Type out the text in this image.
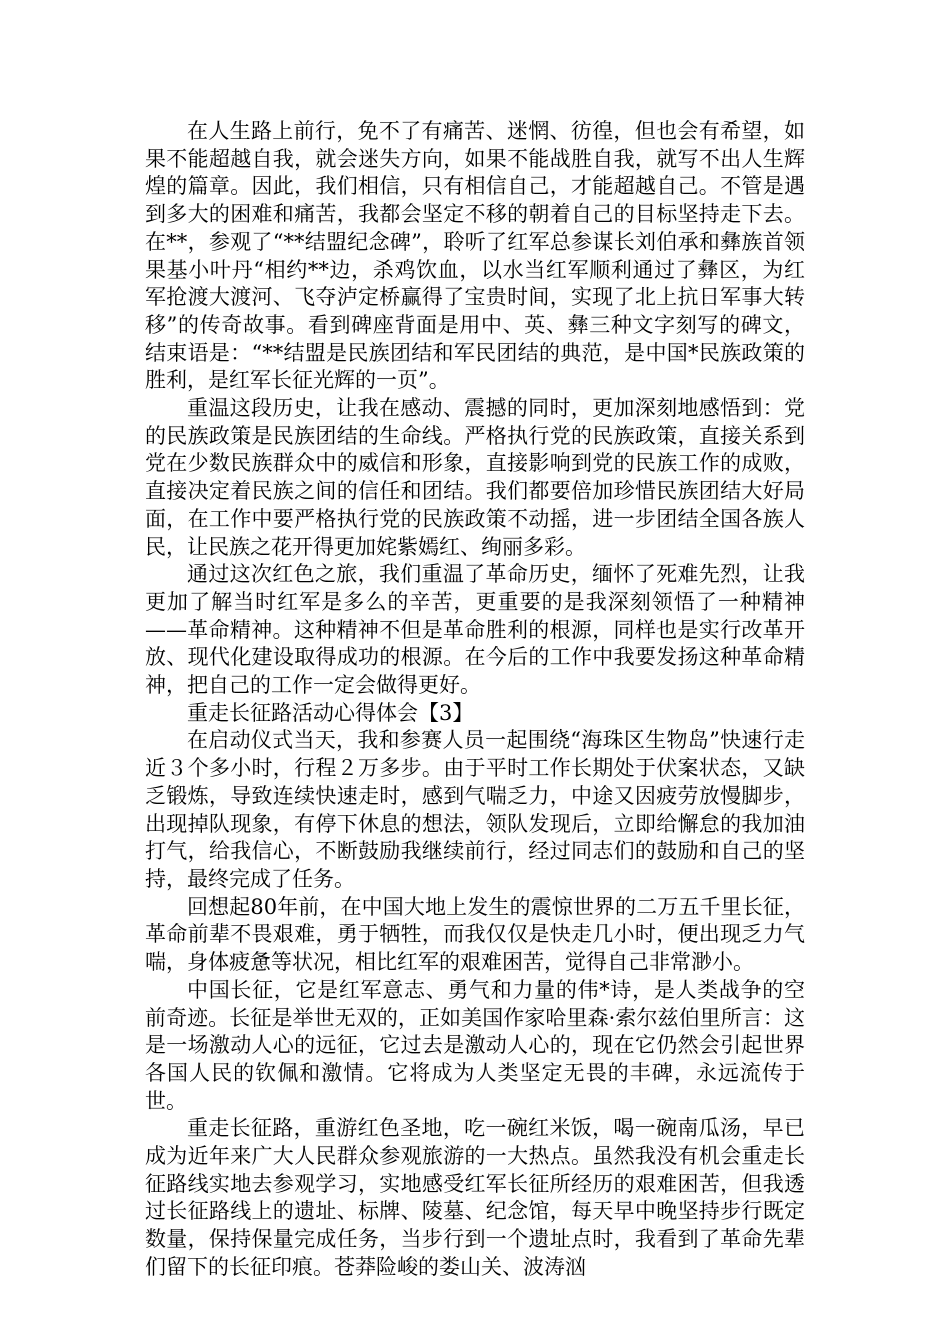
在人生路上前行，免不了有痛苦、迷惘、彷徨，但也会有希望，如果不能超越自我，就会迷失方向，如果不能战胜自我，就写不出人生辉煌的篇章。因此，我们相信，只有相信自己，才能超越自己。不管是遇到多大的困难和痛苦，我都会坚定不移的朝着自己的目标坚持走下去。在**，参观了“**结盟纪念碑”，聆听了红军总参谋长刘伯承和彝族首领果基小叶丹“相约**边，杀鸡饮血，以水当红军顺利通过了彝区，为红军抢渡大渡河、飞夺泸定桥赢得了宝贵时间，实现了北上抗日军事大转移”的传奇故事。看到碑座背面是用中、英、彝三种文字刻写的碑文，结束语是：“**结盟是民族团结和军民团结的典范，是中国*民族政策的胜利，是红军长征光辉的一页”。

重温这段历史，让我在感动、震撼的同时，更加深刻地感悟到：党的民族政策是民族团结的生命线。严格执行党的民族政策，直接关系到党在少数民族群众中的威信和形象，直接影响到党的民族工作的成败，直接决定着民族之间的信任和团结。我们都要倍加珍惜民族团结大好局面，在工作中要严格执行党的民族政策不动摇，进一步团结全国各族人民，让民族之花开得更加姹紫嫣红、绚丽多彩。

通过这次红色之旅，我们重温了革命历史，缅怀了死难先烈，让我更加了解当时红军是多么的辛苦，更重要的是我深刻领悟了一种精神——革命精神。这种精神不但是革命胜利的根源，同样也是实行改革开放、现代化建设取得成功的根源。在今后的工作中我要发扬这种革命精神，把自己的工作一定会做得更好。

重走长征路活动心得体会【3】

在启动仪式当天，我和参赛人员一起围绕“海珠区生物岛”快速行走近３个多小时，行程２万多步。由于平时工作长期处于伏案状态，又缺乏锻炼，导致连续快速走时，感到气喘乏力，中途又因疲劳放慢脚步，出现掉队现象，有停下休息的想法，领队发现后，立即给懈怠的我加油打气，给我信心，不断鼓励我继续前行，经过同志们的鼓励和自己的坚持，最终完成了任务。

回想起80年前，在中国大地上发生的震惊世界的二万五千里长征，革命前辈不畏艰难，勇于牺牲，而我仅仅是快走几小时，便出现乏力气喘，身体疲惫等状况，相比红军的艰难困苦，觉得自己非常渺小。

中国长征，它是红军意志、勇气和力量的伟*诗，是人类战争的空前奇迹。长征是举世无双的，正如美国作家哈里森·索尔兹伯里所言：这是一场激动人心的远征，它过去是激动人心的，现在它仍然会引起世界各国人民的钦佩和激情。它将成为人类坚定无畏的丰碑，永远流传于世。

重走长征路，重游红色圣地，吃一碗红米饭，喝一碗南瓜汤，早已成为近年来广大人民群众参观旅游的一大热点。虽然我没有机会重走长征路线实地去参观学习，实地感受红军长征所经历的艰难困苦，但我透过长征路线上的遗址、标牌、陵墓、纪念馆，每天早中晚坚持步行既定数量，保持保量完成任务，当步行到一个遗址点时，我看到了革命先辈们留下的长征印痕。苍莽险峻的娄山关、波涛汹
